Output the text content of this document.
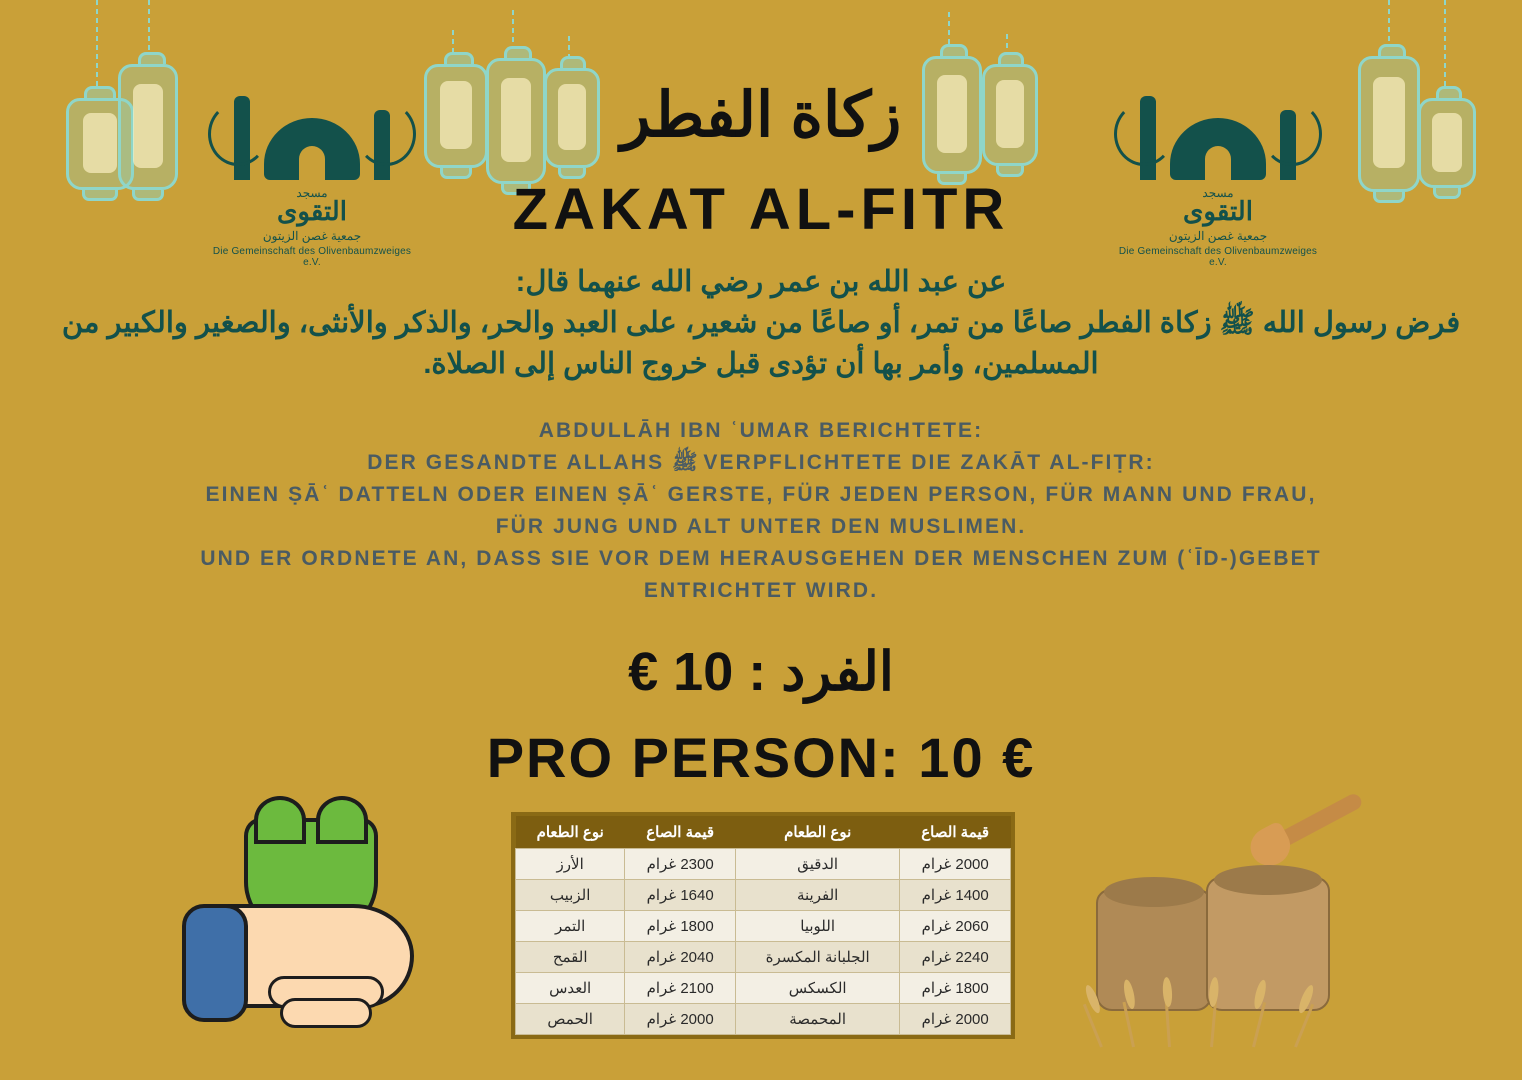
مسجد
التقوى
جمعية غصن الزيتون
Die Gemeinschaft des Olivenbaumzweiges e.V.
مسجد
التقوى
جمعية غصن الزيتون
Die Gemeinschaft des Olivenbaumzweiges e.V.
زكاة الفطر
ZAKAT AL-FITR
عن عبد الله بن عمر رضي الله عنهما قال:
فرض رسول الله ﷺ زكاة الفطر صاعًا من تمر، أو صاعًا من شعير، على العبد والحر، والذكر والأنثى، والصغير والكبير من المسلمين، وأمر بها أن تؤدى قبل خروج الناس إلى الصلاة.
ABDULLĀH IBN ʿUMAR BERICHTETE:
DER GESANDTE ALLAHS ﷺ VERPFLICHTETE DIE ZAKĀT AL-FIṬR:
EINEN ṢĀʿ DATTELN ODER EINEN ṢĀʿ GERSTE, FÜR JEDEN PERSON, FÜR MANN UND FRAU,
FÜR JUNG UND ALT UNTER DEN MUSLIMEN.
UND ER ORDNETE AN, DASS SIE VOR DEM HERAUSGEHEN DER MENSCHEN ZUM (ʿĪD-)GEBET
ENTRICHTET WIRD.
الفرد : 10 €
PRO PERSON: 10 €
قيمة الصاع	نوع الطعام	قيمة الصاع	نوع الطعام
2000 غرام	الدقيق	2300 غرام	الأرز
1400 غرام	الفرينة	1640 غرام	الزبيب
2060 غرام	اللوبيا	1800 غرام	التمر
2240 غرام	الجلبانة المكسرة	2040 غرام	القمح
1800 غرام	الكسكس	2100 غرام	العدس
2000 غرام	المحمصة	2000 غرام	الحمص
